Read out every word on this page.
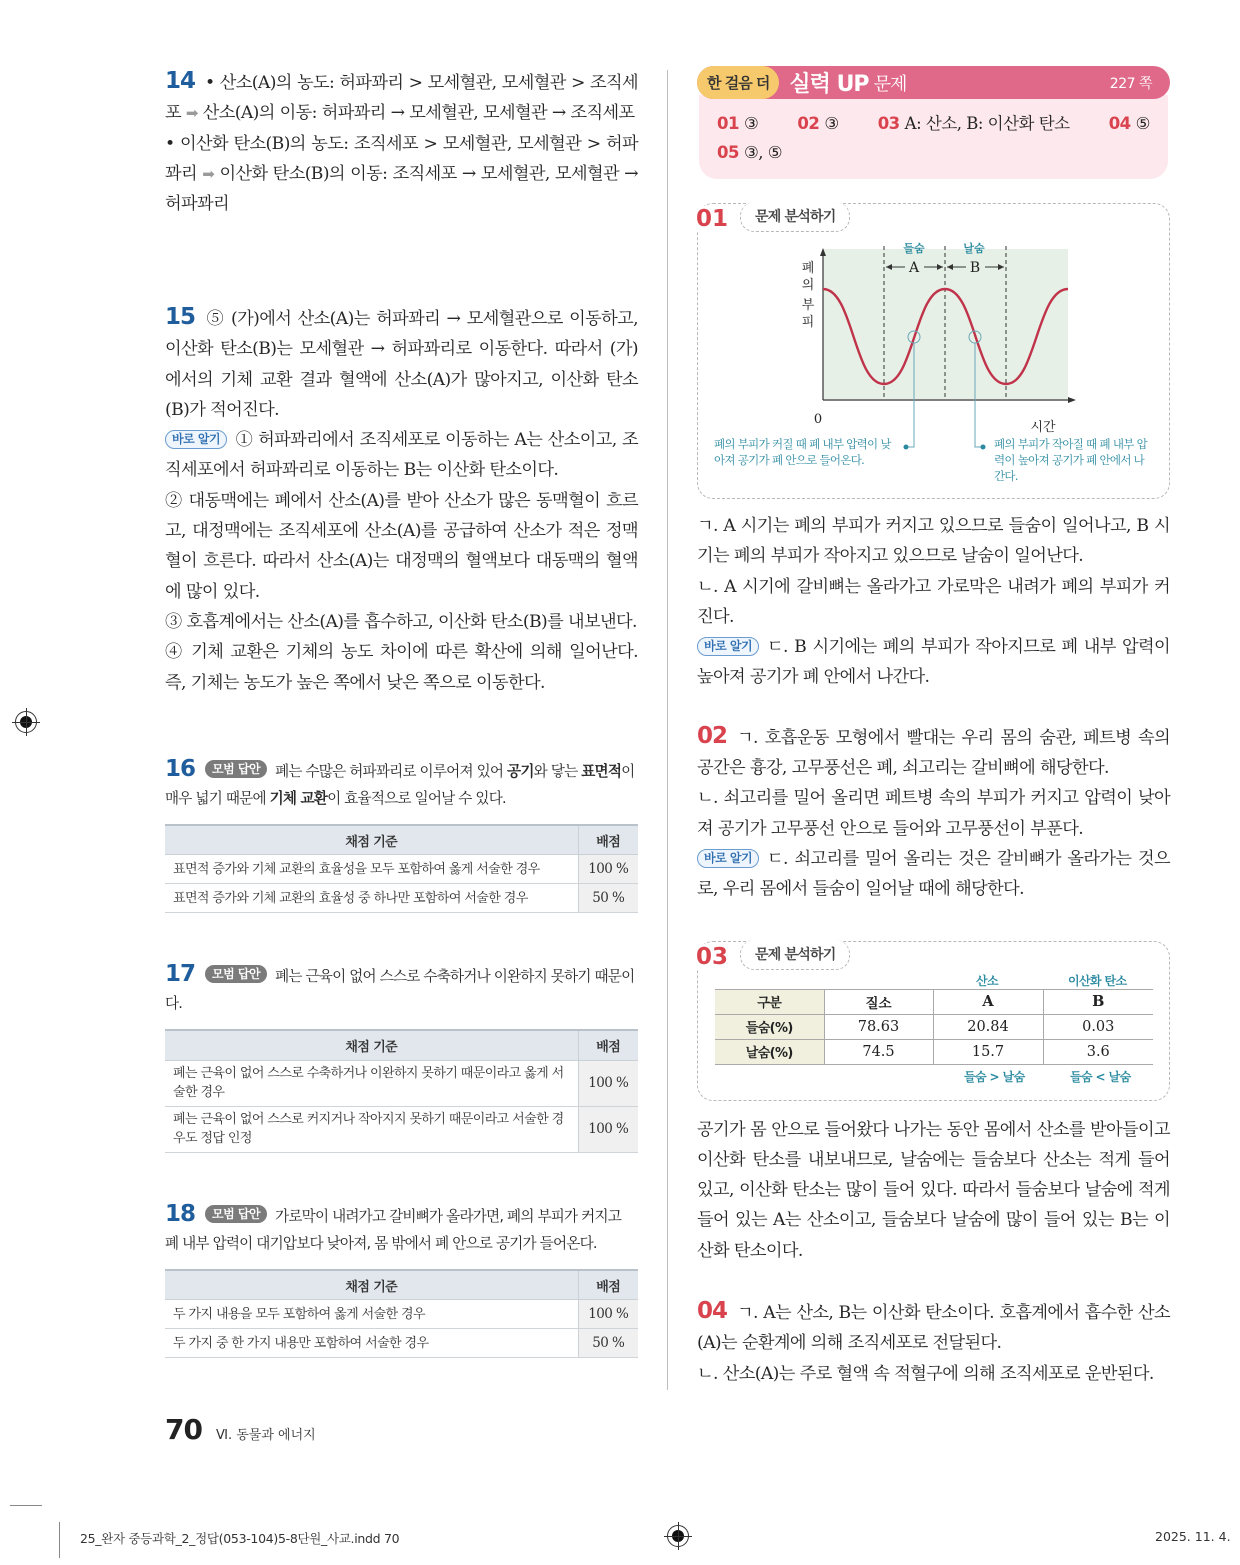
14 • 산소(A)의 농도: 허파꽈리 > 모세혈관, 모세혈관 > 조직세포 ➡ 산소(A)의 이동: 허파꽈리 → 모세혈관, 모세혈관 → 조직세포
• 이산화 탄소(B)의 농도: 조직세포 > 모세혈관, 모세혈관 > 허파꽈리 ➡ 이산화 탄소(B)의 이동: 조직세포 → 모세혈관, 모세혈관 → 허파꽈리
15 ⑤ (가)에서 산소(A)는 허파꽈리 → 모세혈관으로 이동하고, 이산화 탄소(B)는 모세혈관 → 허파꽈리로 이동한다. 따라서 (가)에서의 기체 교환 결과 혈액에 산소(A)가 많아지고, 이산화 탄소(B)가 적어진다.
바로 알기 ① 허파꽈리에서 조직세포로 이동하는 A는 산소이고, 조직세포에서 허파꽈리로 이동하는 B는 이산화 탄소이다.
② 대동맥에는 폐에서 산소(A)를 받아 산소가 많은 동맥혈이 흐르고, 대정맥에는 조직세포에 산소(A)를 공급하여 산소가 적은 정맥혈이 흐른다. 따라서 산소(A)는 대정맥의 혈액보다 대동맥의 혈액에 많이 있다.
③ 호흡계에서는 산소(A)를 흡수하고, 이산화 탄소(B)를 내보낸다.
④ 기체 교환은 기체의 농도 차이에 따른 확산에 의해 일어난다. 즉, 기체는 농도가 높은 쪽에서 낮은 쪽으로 이동한다.
16 모범 답안 폐는 수많은 허파꽈리로 이루어져 있어 공기와 닿는 표면적이 매우 넓기 때문에 기체 교환이 효율적으로 일어날 수 있다.
채점 기준	배점
표면적 증가와 기체 교환의 효율성을 모두 포함하여 옳게 서술한 경우	100 %
표면적 증가와 기체 교환의 효율성 중 하나만 포함하여 서술한 경우	50 %
17 모범 답안 폐는 근육이 없어 스스로 수축하거나 이완하지 못하기 때문이다.
채점 기준	배점
폐는 근육이 없어 스스로 수축하거나 이완하지 못하기 때문이라고 옳게 서술한 경우	100 %
폐는 근육이 없어 스스로 커지거나 작아지지 못하기 때문이라고 서술한 경우도 정답 인정	100 %
18 모범 답안 가로막이 내려가고 갈비뼈가 올라가면, 폐의 부피가 커지고 폐 내부 압력이 대기압보다 낮아져, 몸 밖에서 폐 안으로 공기가 들어온다.
채점 기준	배점
두 가지 내용을 모두 포함하여 옳게 서술한 경우	100 %
두 가지 중 한 가지 내용만 포함하여 서술한 경우	50 %
한 걸음 더 실력 UP 문제	227 쪽
01 ③ 02 ③ 03 A: 산소, B: 이산화 탄소 04 ⑤
05 ③, ⑤
01	문제 분석하기
A	B
들숨	날숨
0
시간
폐
의
부
피
폐의 부피가 커질 때 폐 내부 압력이 낮아져 공기가 폐 안으로 들어온다.
폐의 부피가 작아질 때 폐 내부 압력이 높아져 공기가 폐 안에서 나간다.
ㄱ. A 시기는 폐의 부피가 커지고 있으므로 들숨이 일어나고, B 시기는 폐의 부피가 작아지고 있으므로 날숨이 일어난다.
ㄴ. A 시기에 갈비뼈는 올라가고 가로막은 내려가 폐의 부피가 커진다.
바로 알기 ㄷ. B 시기에는 폐의 부피가 작아지므로 폐 내부 압력이 높아져 공기가 폐 안에서 나간다.
02 ㄱ. 호흡운동 모형에서 빨대는 우리 몸의 숨관, 페트병 속의 공간은 흉강, 고무풍선은 폐, 쇠고리는 갈비뼈에 해당한다.
ㄴ. 쇠고리를 밀어 올리면 페트병 속의 부피가 커지고 압력이 낮아져 공기가 고무풍선 안으로 들어와 고무풍선이 부푼다.
바로 알기 ㄷ. 쇠고리를 밀어 올리는 것은 갈비뼈가 올라가는 것으로, 우리 몸에서 들숨이 일어날 때에 해당한다.
03	문제 분석하기
산소	이산화 탄소
구분	질소	A	B
들숨(%)	78.63	20.84	0.03
날숨(%)	74.5	15.7	3.6
들숨 > 날숨	들숨 < 날숨
공기가 몸 안으로 들어왔다 나가는 동안 몸에서 산소를 받아들이고 이산화 탄소를 내보내므로, 날숨에는 들숨보다 산소는 적게 들어 있고, 이산화 탄소는 많이 들어 있다. 따라서 들숨보다 날숨에 적게 들어 있는 A는 산소이고, 들숨보다 날숨에 많이 들어 있는 B는 이산화 탄소이다.
04 ㄱ. A는 산소, B는 이산화 탄소이다. 호흡계에서 흡수한 산소(A)는 순환계에 의해 조직세포로 전달된다.
ㄴ. 산소(A)는 주로 혈액 속 적혈구에 의해 조직세포로 운반된다.
70 Ⅵ. 동물과 에너지
25_완자 중등과학_2_정답(053-104)5-8단원_사교.indd 70	2025. 11. 4.
